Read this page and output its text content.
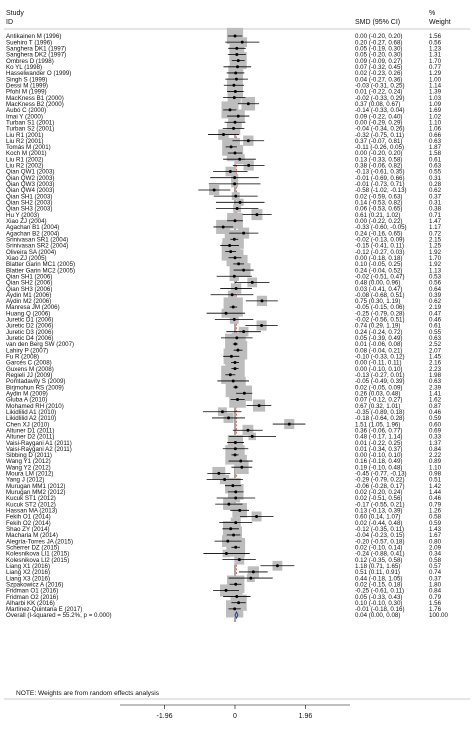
Study
ID	SMD (95% CI)
%
Weight
Antikainen M (1996)	0.00 (-0.20, 0.20)	1.56
Suehiro T (1996)	0.20 (-0.27, 0.68)	0.56
Sanghera DK1 (1997)	0.05 (-0.19, 0.30)	1.23
Sanghera DK2 (1997)	0.05 (-0.20, 0.30)	1.31
Ombres D (1998)	0.09 (-0.09, 0.27)	1.70
Ko YL (1998)	0.07 (-0.32, 0.45)	0.77
Hasselwander O (1999)	0.02 (-0.23, 0.26)	1.29
Singh S (1999)	0.04 (-0.27, 0.36)	1.00
Dessi M (1999)	-0.03 (-0.31, 0.25)	1.14
Pfohl M (1999)	0.01 (-0.22, 0.24)	1.39
MacKness B1 (2000)	-0.02 (-0.33, 0.29)	1.03
MacKness B2 (2000)	0.37 (0.08, 0.67)	1.09
Aubó C (2000)	-0.14 (-0.33, 0.04)	1.69
Imai Y (2000)	0.09 (-0.22, 0.40)	1.02
Turban S1 (2001)	0.00 (-0.29, 0.29)	1.10
Turban S2 (2001)	-0.04 (-0.34, 0.26)	1.06
Liu R1 (2001)	-0.32 (-0.75, 0.11)	0.66
Liu R2 (2001)	0.37 (-0.07, 0.81)	0.63
Tomás M (2001)	-0.11 (-0.26, 0.05)	1.87
Koch M (2001)	0.00 (-0.20, 0.20)	1.58
Liu R1 (2002)	0.13 (-0.33, 0.58)	0.61
Liu R2 (2002)	0.38 (-0.06, 0.82)	0.63
Qian QW1 (2003)	-0.13 (-0.61, 0.35)	0.55
Qian QW2 (2003)	-0.01 (-0.69, 0.66)	0.31
Qian QW3 (2003)	-0.01 (-0.73, 0.71)	0.28
Qian QW4 (2003)	-0.58 (-1.02, -0.13)	0.62
Qian SH1 (2003)	0.02 (-0.59, 0.63)	0.37
Qian SH2 (2003)	0.14 (-0.53, 0.82)	0.31
Qian SH3 (2003)	0.06 (-0.53, 0.65)	0.38
Hu Y (2003)	0.61 (0.21, 1.02)	0.71
Xiao ZJ (2004)	0.00 (-0.22, 0.22)	1.47
Agachan B1 (2004)	-0.33 (-0.60, -0.05)	1.17
Agachan B2 (2004)	0.24 (-0.16, 0.65)	0.72
Srinivasan SR1 (2004)	-0.02 (-0.13, 0.09)	2.15
Srinivasan SR2 (2004)	-0.15 (-0.41, 0.11)	1.25
Oliveira SA (2004)	-0.12 (-0.27, 0.03)	1.92
Xiao ZJ (2005)	0.00 (-0.18, 0.18)	1.70
Blatter Garin MC1 (2005)	0.10 (-0.05, 0.25)	1.92
Blatter Garin MC2 (2005)	0.24 (-0.04, 0.52)	1.13
Qian SH1 (2006)	-0.02 (-0.51, 0.47)	0.53
Qian SH2 (2006)	0.48 (0.00, 0.96)	0.56
Qian SH3 (2006)	0.03 (-0.41, 0.47)	0.64
Aydin M1 (2006)	-0.08 (-0.68, 0.51)	0.39
Aydin M2 (2006)	0.75 (0.30, 1.19)	0.62
Manresa JM (2006)	-0.05 (-0.15, 0.06)	2.19
Huang Q (2006)	-0.25 (-0.79, 0.28)	0.47
Juretic D1 (2006)	-0.02 (-0.56, 0.51)	0.46
Juretic D2 (2006)	0.74 (0.29, 1.19)	0.61
Juretic D3 (2006)	0.24 (-0.24, 0.72)	0.55
Juretic D4 (2006)	0.05 (-0.39, 0.49)	0.63
van den Berg SW (2007)	0.01 (-0.06, 0.08)	2.52
Lahiry P (2007)	0.08 (-0.04, 0.21)	2.07
Fu R (2008)	-0.10 (-0.33, 0.12)	1.45
Garcés C (2008)	0.00 (-0.11, 0.11)	2.16
Guxens M (2008)	0.00 (-0.10, 0.10)	2.23
Regieli JJ (2009)	-0.13 (-0.27, 0.01)	1.98
Pomtadavity S (2009)	-0.05 (-0.49, 0.39)	0.63
Birjmohun RS (2009)	0.02 (-0.05, 0.09)	2.39
Aydin M (2009)	0.26 (0.03, 0.48)	1.41
Gluba A (2010)	0.07 (-0.12, 0.27)	1.62
Mohamed RH (2010)	0.67 (0.32, 1.01)	0.87
Likidlilid A1 (2010)	-0.35 (-0.89, 0.18)	0.46
Likidlilid A2 (2010)	-0.18 (-0.64, 0.28)	0.59
Chen XJ (2010)	1.51 (1.05, 1.96)	0.60
Altuner D1 (2011)	0.36 (-0.06, 0.77)	0.69
Altuner D2 (2011)	0.48 (-0.17, 1.14)	0.33
Vaisi-Raygani A1 (2011)	0.01 (-0.22, 0.25)	1.37
Vaisi-Raygani A2 (2011)	0.01 (-0.34, 0.37)	0.84
Sibbing D (2011)	0.00 (-0.10, 0.10)	2.22
Wang Y1 (2012)	0.16 (-0.18, 0.49)	0.89
Wang Y2 (2012)	0.19 (-0.10, 0.48)	1.10
Moura LM (2012)	-0.45 (-0.77, -0.13)	0.98
Yang J (2012)	-0.29 (-0.79, 0.22)	0.51
Murugan MM1 (2012)	-0.06 (-0.28, 0.17)	1.42
Murugan MM2 (2012)	0.02 (-0.20, 0.24)	1.44
Kucuk ST1 (2012)	0.02 (-0.51, 0.56)	0.46
Kucuk ST2 (2012)	-0.17 (-0.55, 0.21)	0.79
Hassan MA (2013)	0.13 (-0.13, 0.39)	1.26
Fekih O1 (2014)	0.60 (0.14, 1.07)	0.58
Fekih O2 (2014)	0.02 (-0.44, 0.48)	0.59
Shao ZY (2014)	-0.12 (-0.35, 0.11)	1.43
Macharia M (2014)	-0.04 (-0.23, 0.15)	1.67
Alegría-Torres JA (2015)	-0.20 (-0.57, 0.18)	0.80
Scherrer DZ (2015)	0.02 (-0.10, 0.14)	2.09
Kolesnikova LI1 (2015)	-0.24 (-0.88, 0.41)	0.34
Kolesnikova LI2 (2015)	0.12 (-0.35, 0.58)	0.58
Liang X1 (2016)	1.18 (0.71, 1.65)	0.57
Liang X2 (2016)	0.51 (0.11, 0.91)	0.74
Liang X3 (2016)	0.44 (-0.18, 1.05)	0.37
Szpakowicz A (2016)	0.02 (-0.15, 0.18)	1.80
Fridman O1 (2016)	-0.25 (-0.61, 0.11)	0.84
Fridman O2 (2016)	0.05 (-0.33, 0.43)	0.79
Alharbi KK (2016)	0.10 (-0.10, 0.30)	1.56
Martinez-Quintana E (2017)	-0.01 (-0.18, 0.16)	1.76
Overall (I-squared = 55.2%, p = 0.000)	0.04 (0.00, 0.08)	100.00
NOTE: Weights are from random effects analysis
-1.96	0	1.96
